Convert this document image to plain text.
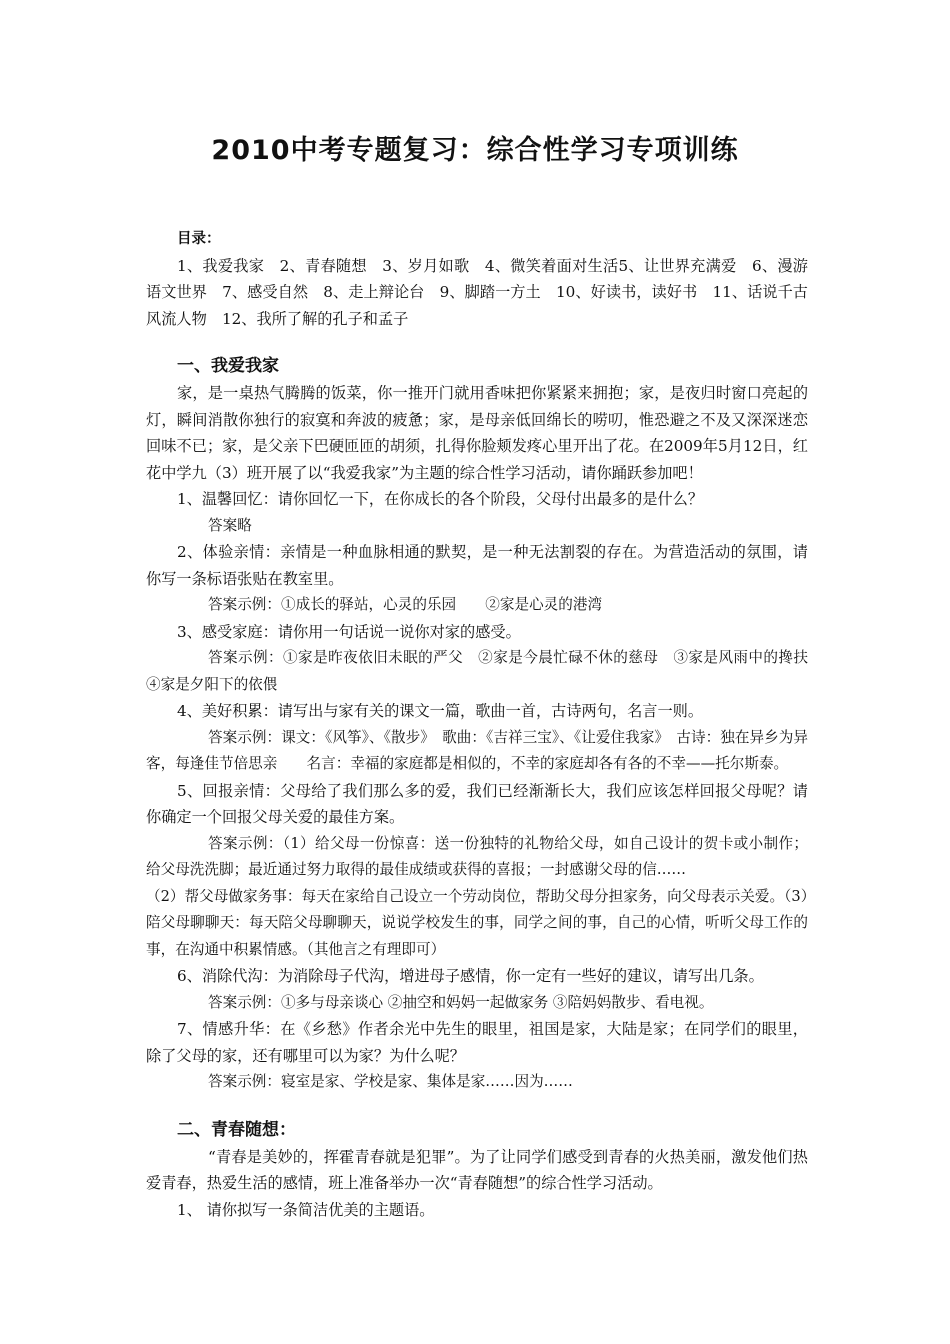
2010中考专题复习：综合性学习专项训练
目录：

1、我爱我家　2、青春随想　3、岁月如歌　4、微笑着面对生活5、让世界充满爱　6、漫游语文世界　7、感受自然　8、走上辩论台　9、脚踏一方土　10、好读书，读好书　11、话说千古风流人物　12、我所了解的孔子和孟子

一、我爱我家

家，是一桌热气腾腾的饭菜，你一推开门就用香味把你紧紧来拥抱；家，是夜归时窗口亮起的灯，瞬间消散你独行的寂寞和奔波的疲惫；家，是母亲低回绵长的唠叨，惟恐避之不及又深深迷恋回味不已；家，是父亲下巴硬匝匝的胡须，扎得你脸颊发疼心里开出了花。在2009年5月12日，红花中学九（3）班开展了以“我爱我家”为主题的综合性学习活动，请你踊跃参加吧！

1、温馨回忆：请你回忆一下，在你成长的各个阶段，父母付出最多的是什么？

答案略

2、体验亲情：亲情是一种血脉相通的默契，是一种无法割裂的存在。为营造活动的氛围，请你写一条标语张贴在教室里。

答案示例：①成长的驿站，心灵的乐园　　②家是心灵的港湾

3、感受家庭：请你用一句话说一说你对家的感受。

答案示例：①家是昨夜依旧未眠的严父　②家是今晨忙碌不休的慈母　③家是风雨中的搀扶　④家是夕阳下的依偎

4、美好积累：请写出与家有关的课文一篇，歌曲一首，古诗两句，名言一则。

答案示例：课文：《风筝》、《散步》　歌曲：《吉祥三宝》、《让爱住我家》　古诗：独在异乡为异客，每逢佳节倍思亲　　名言：幸福的家庭都是相似的，不幸的家庭却各有各的不幸——托尔斯泰。

5、回报亲情：父母给了我们那么多的爱，我们已经渐渐长大，我们应该怎样回报父母呢？请你确定一个回报父母关爱的最佳方案。

答案示例：（1）给父母一份惊喜：送一份独特的礼物给父母，如自己设计的贺卡或小制作；给父母洗洗脚；最近通过努力取得的最佳成绩或获得的喜报；一封感谢父母的信……

（2）帮父母做家务事：每天在家给自己设立一个劳动岗位，帮助父母分担家务，向父母表示关爱。（3）陪父母聊聊天：每天陪父母聊聊天，说说学校发生的事，同学之间的事，自己的心情，听听父母工作的事，在沟通中积累情感。（其他言之有理即可）

6、消除代沟：为消除母子代沟，增进母子感情，你一定有一些好的建议，请写出几条。

答案示例：①多与母亲谈心 ②抽空和妈妈一起做家务 ③陪妈妈散步、看电视。

7、情感升华：在《乡愁》作者余光中先生的眼里，祖国是家，大陆是家；在同学们的眼里，除了父母的家，还有哪里可以为家？为什么呢？

答案示例：寝室是家、学校是家、集体是家……因为……

二、青春随想：

“青春是美妙的，挥霍青春就是犯罪”。为了让同学们感受到青春的火热美丽，激发他们热爱青春，热爱生活的感情，班上准备举办一次“青春随想”的综合性学习活动。

1、 请你拟写一条简洁优美的主题语。
